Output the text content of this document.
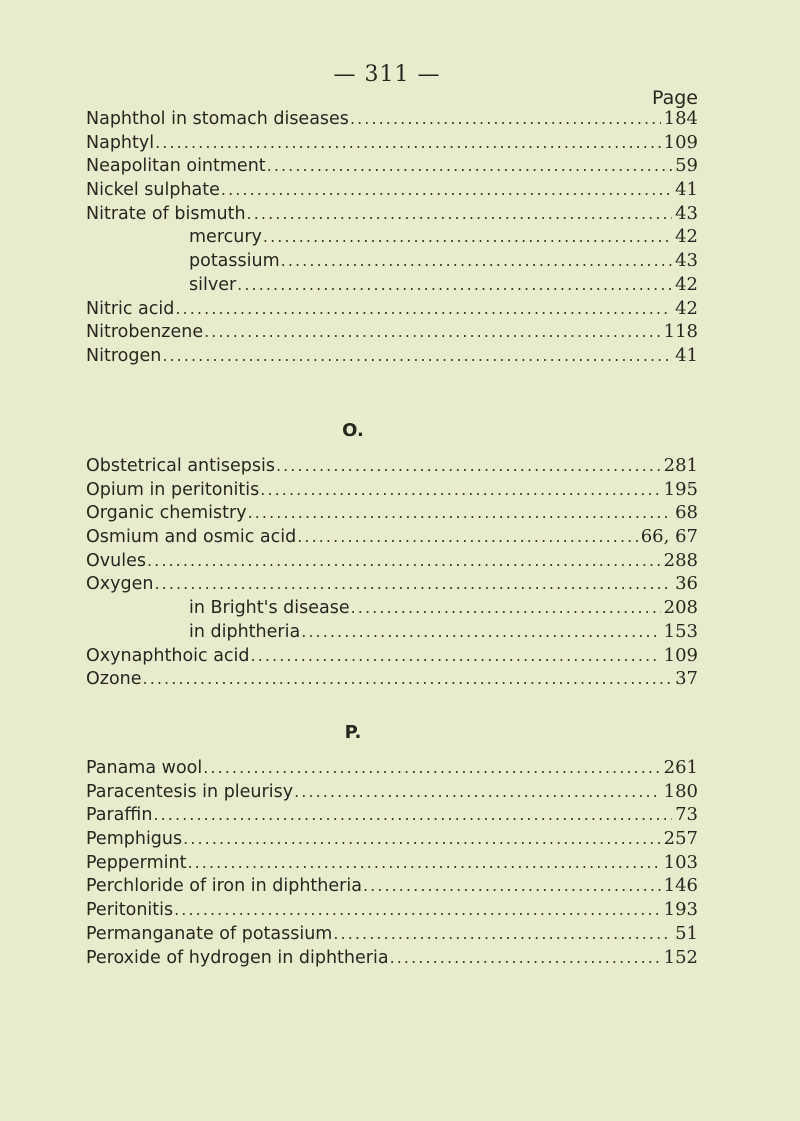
— 311 —
Page
Naphthol in stomach diseases . . .	184
Naphtyl . . .	109
Neapolitan ointment . . .	59
Nickel sulphate . . .	41
Nitrate of bismuth . . .	43
mercury . . .	42
potassium . . .	43
silver . . .	42
Nitric acid . . .	42
Nitrobenzene . . .	118
Nitrogen . . .	41
O.
Obstetrical antisepsis . . .	281
Opium in peritonitis . . .	195
Organic chemistry . . .	68
Osmium and osmic acid . . .	66, 67
Ovules . . .	288
Oxygen . . .	36
in Bright's disease . . .	208
in diphtheria . . .	153
Oxynaphthoic acid . . .	109
Ozone . . .	37
P.
Panama wool . . .	261
Paracentesis in pleurisy . . .	180
Paraffin . . .	73
Pemphigus . . .	257
Peppermint . . .	103
Perchloride of iron in diphtheria . . .	146
Peritonitis . . .	193
Permanganate of potassium . . .	51
Peroxide of hydrogen in diphtheria . . .	152
